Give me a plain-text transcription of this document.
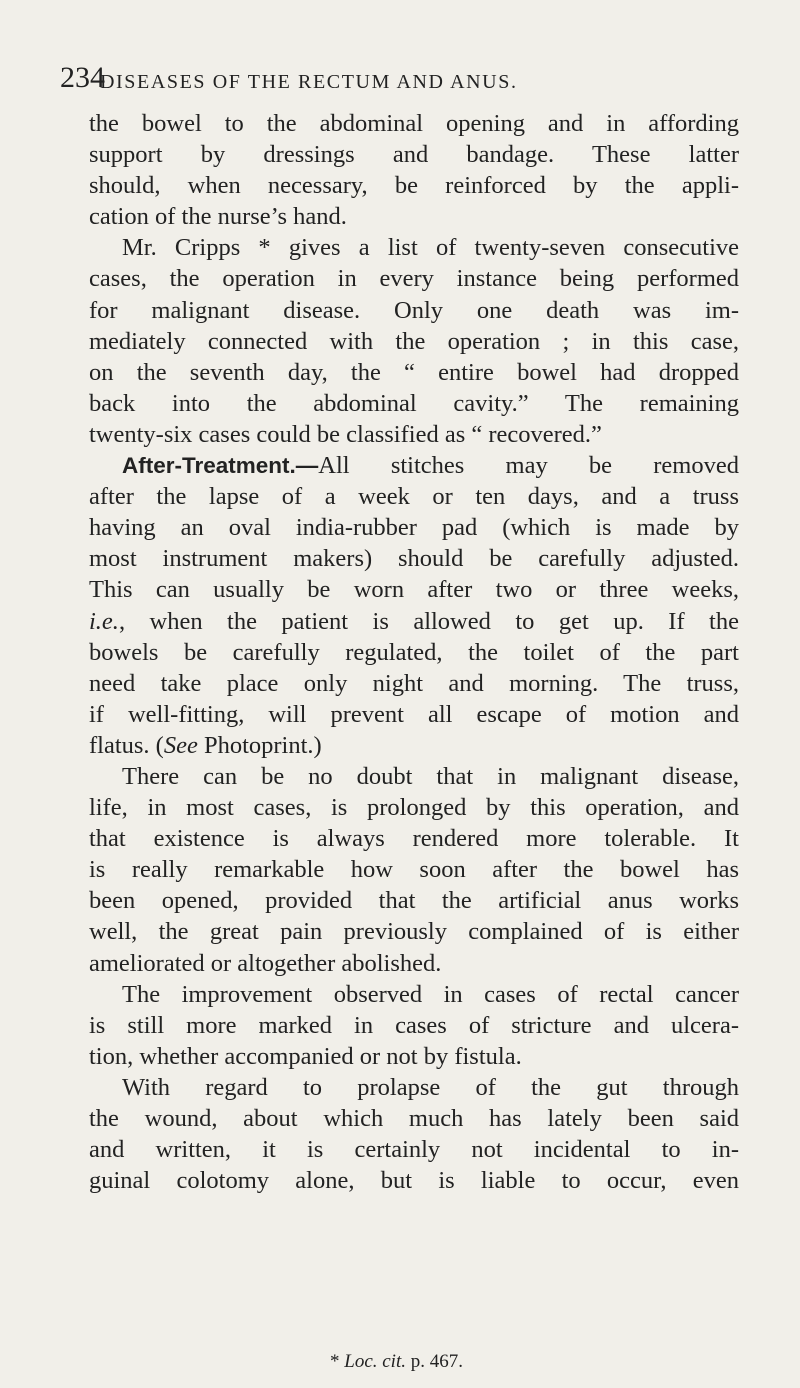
234
DISEASES OF THE RECTUM AND ANUS.
the bowel to the abdominal opening and in affording
support by dressings and bandage. These latter
should, when necessary, be reinforced by the appli-
cation of the nurse’s hand.
Mr. Cripps * gives a list of twenty-seven consecutive
cases, the operation in every instance being performed
for malignant disease. Only one death was im-
mediately connected with the operation ; in this case,
on the seventh day, the “ entire bowel had dropped
back into the abdominal cavity.” The remaining
twenty-six cases could be classified as “ recovered.”
After-Treatment.—All stitches may be removed
after the lapse of a week or ten days, and a truss
having an oval india-rubber pad (which is made by
most instrument makers) should be carefully adjusted.
This can usually be worn after two or three weeks,
i.e., when the patient is allowed to get up. If the
bowels be carefully regulated, the toilet of the part
need take place only night and morning. The truss,
if well-fitting, will prevent all escape of motion and
flatus. (See Photoprint.)
There can be no doubt that in malignant disease,
life, in most cases, is prolonged by this operation, and
that existence is always rendered more tolerable. It
is really remarkable how soon after the bowel has
been opened, provided that the artificial anus works
well, the great pain previously complained of is either
ameliorated or altogether abolished.
The improvement observed in cases of rectal cancer
is still more marked in cases of stricture and ulcera-
tion, whether accompanied or not by fistula.
With regard to prolapse of the gut through
the wound, about which much has lately been said
and written, it is certainly not incidental to in-
guinal colotomy alone, but is liable to occur, even
* Loc. cit. p. 467.
